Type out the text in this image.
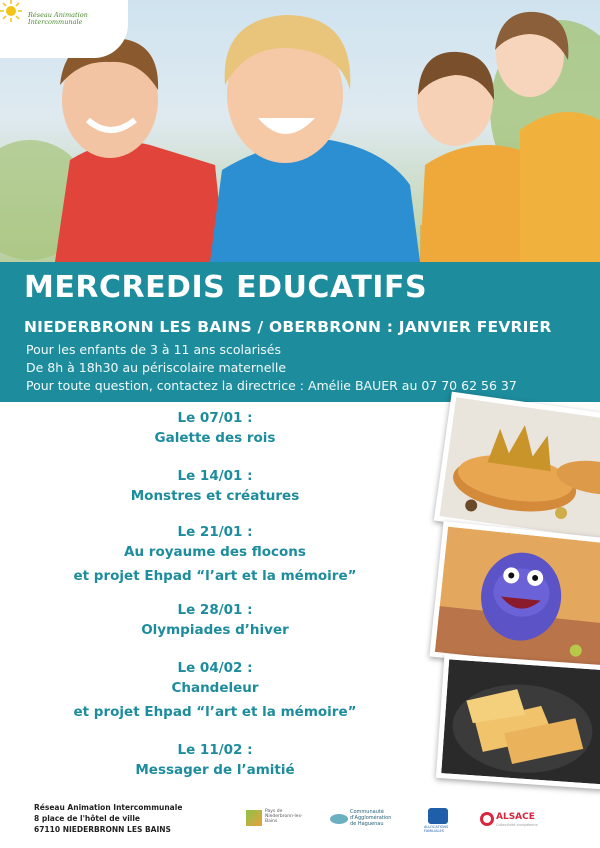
Réseau Animation Intercommunale
MERCREDIS EDUCATIFS
NIEDERBRONN LES BAINS / OBERBRONN : JANVIER FEVRIER
Pour les enfants de 3 à 11 ans scolarisés
De 8h à 18h30 au périscolaire maternelle
Pour toute question, contactez la directrice : Amélie BAUER au 07 70 62 56 37
Le 07/01 :
Galette des rois
Le 14/01 :
Monstres et créatures
Le 21/01 :
Au royaume des flocons
et projet Ehpad “l’art et la mémoire”
Le 28/01 :
Olympiades d’hiver
Le 04/02 :
Chandeleur
et projet Ehpad “l’art et la mémoire”
Le 11/02 :
Messager de l’amitié
Réseau Animation Intercommunale
8 place de l'hôtel de ville
67110 NIEDERBRONN LES BAINS
Pays de Niederbronn-les-Bains
Communauté d'Agglomération de Haguenau	ALLOCATIONS FAMILIALES
ALSACE
Collectivité européenne
